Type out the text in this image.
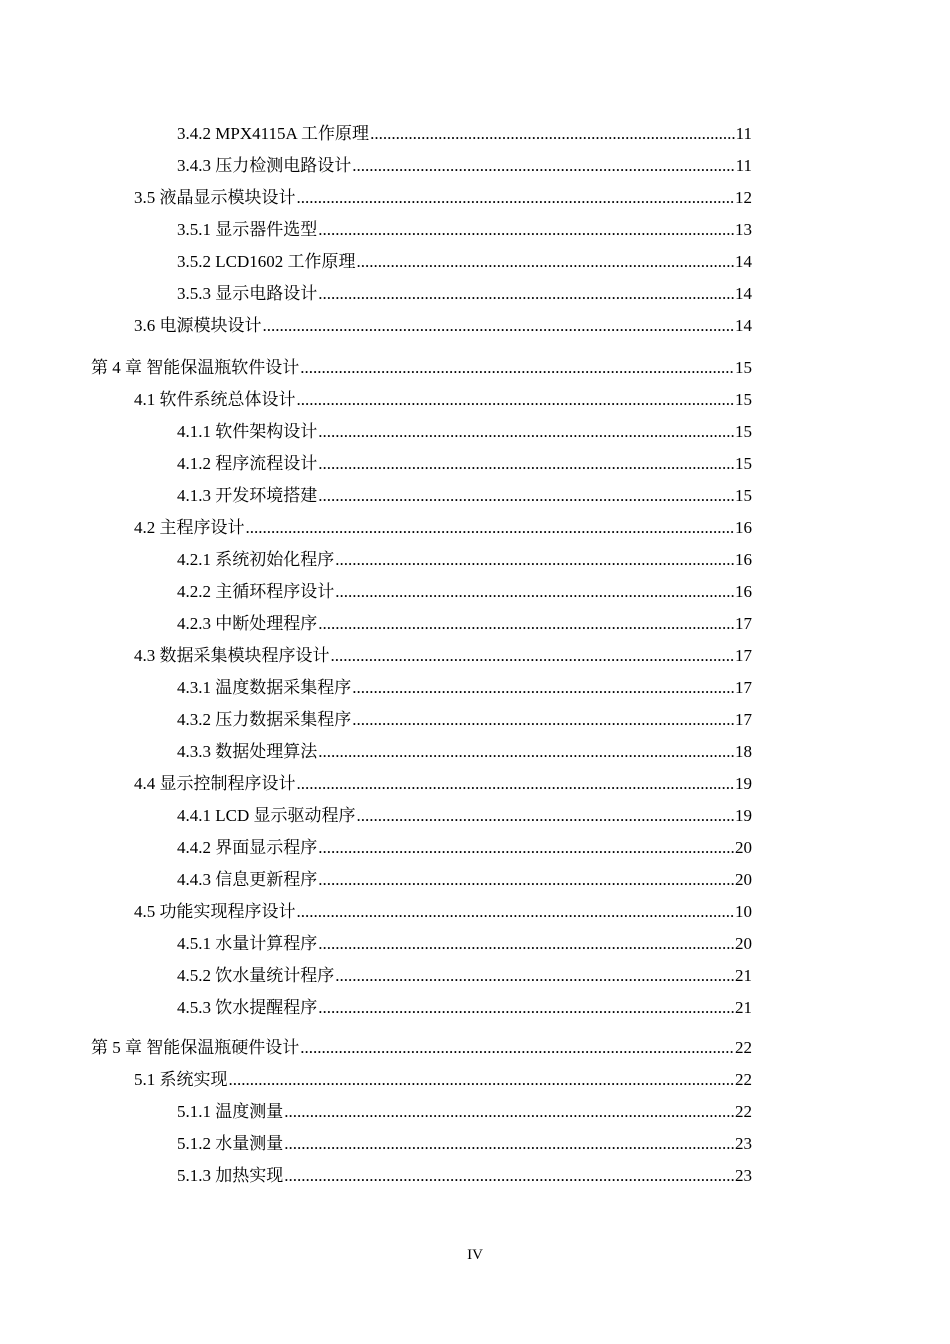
3.4.2 MPX4115A 工作原理 .....	11
3.4.3 压力检测电路设计 .....	11
3.5 液晶显示模块设计 .....	12
3.5.1 显示器件选型 .....	13
3.5.2 LCD1602 工作原理 .....	14
3.5.3 显示电路设计 .....	14
3.6 电源模块设计 .....	14
第 4 章 智能保温瓶软件设计 .....	15
4.1 软件系统总体设计 .....	15
4.1.1 软件架构设计 .....	15
4.1.2 程序流程设计 .....	15
4.1.3 开发环境搭建 .....	15
4.2 主程序设计 .....	16
4.2.1 系统初始化程序 .....	16
4.2.2 主循环程序设计 .....	16
4.2.3 中断处理程序 .....	17
4.3 数据采集模块程序设计 .....	17
4.3.1 温度数据采集程序 .....	17
4.3.2 压力数据采集程序 .....	17
4.3.3 数据处理算法 .....	18
4.4 显示控制程序设计 .....	19
4.4.1 LCD 显示驱动程序 .....	19
4.4.2 界面显示程序 .....	20
4.4.3 信息更新程序 .....	20
4.5 功能实现程序设计 .....	10
4.5.1 水量计算程序 .....	20
4.5.2 饮水量统计程序 .....	21
4.5.3 饮水提醒程序 .....	21
第 5 章 智能保温瓶硬件设计 .....	22
5.1 系统实现 .....	22
5.1.1 温度测量 .....	22
5.1.2 水量测量 .....	23
5.1.3 加热实现 .....	23
IV
